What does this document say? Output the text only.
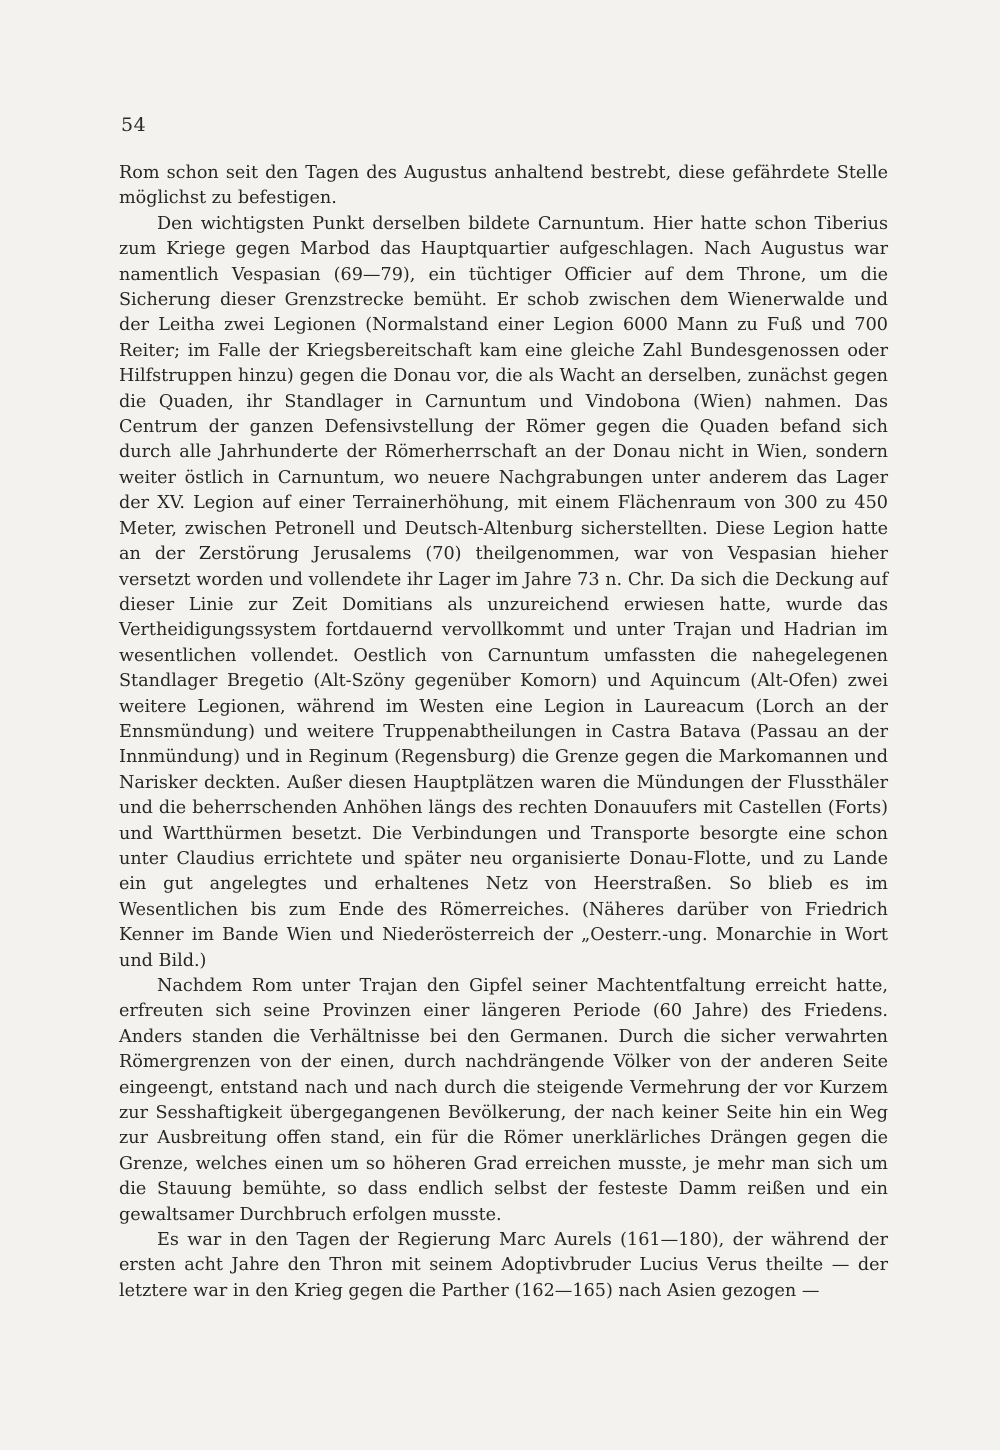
54

Rom schon seit den Tagen des Augustus anhaltend bestrebt, diese gefährdete Stelle möglichst zu befestigen.

Den wichtigsten Punkt derselben bildete Carnuntum. Hier hatte schon Tiberius zum Kriege gegen Marbod das Hauptquartier aufgeschlagen. Nach Augustus war namentlich Vespasian (69—79), ein tüchtiger Officier auf dem Throne, um die Sicherung dieser Grenzstrecke bemüht. Er schob zwischen dem Wienerwalde und der Leitha zwei Legionen (Normalstand einer Legion 6000 Mann zu Fuß und 700 Reiter; im Falle der Kriegsbereitschaft kam eine gleiche Zahl Bundesgenossen oder Hilfstruppen hinzu) gegen die Donau vor, die als Wacht an derselben, zunächst gegen die Quaden, ihr Standlager in Carnuntum und Vindobona (Wien) nahmen. Das Centrum der ganzen Defensivstellung der Römer gegen die Quaden befand sich durch alle Jahrhunderte der Römerherrschaft an der Donau nicht in Wien, sondern weiter östlich in Carnuntum, wo neuere Nachgrabungen unter anderem das Lager der XV. Legion auf einer Terrainerhöhung, mit einem Flächenraum von 300 zu 450 Meter, zwischen Petronell und Deutsch-Altenburg sicherstellten. Diese Legion hatte an der Zerstörung Jerusalems (70) theilgenommen, war von Vespasian hieher versetzt worden und vollendete ihr Lager im Jahre 73 n. Chr. Da sich die Deckung auf dieser Linie zur Zeit Domitians als unzureichend erwiesen hatte, wurde das Vertheidigungssystem fortdauernd vervollkommt und unter Trajan und Hadrian im wesentlichen vollendet. Oestlich von Carnuntum umfassten die nahegelegenen Standlager Bregetio (Alt-Szöny gegenüber Komorn) und Aquincum (Alt-Ofen) zwei weitere Legionen, während im Westen eine Legion in Laureacum (Lorch an der Ennsmündung) und weitere Truppenabtheilungen in Castra Batava (Passau an der Innmündung) und in Reginum (Regensburg) die Grenze gegen die Markomannen und Narisker deckten. Außer diesen Hauptplätzen waren die Mündungen der Flussthäler und die beherrschenden Anhöhen längs des rechten Donauufers mit Castellen (Forts) und Wartthürmen besetzt. Die Verbindungen und Transporte besorgte eine schon unter Claudius errichtete und später neu organisierte Donau-Flotte, und zu Lande ein gut angelegtes und erhaltenes Netz von Heerstraßen. So blieb es im Wesentlichen bis zum Ende des Römerreiches. (Näheres darüber von Friedrich Kenner im Bande Wien und Niederösterreich der „Oesterr.-ung. Monarchie in Wort und Bild.)

Nachdem Rom unter Trajan den Gipfel seiner Machtentfaltung erreicht hatte, erfreuten sich seine Provinzen einer längeren Periode (60 Jahre) des Friedens. Anders standen die Verhältnisse bei den Germanen. Durch die sicher verwahrten Römergrenzen von der einen, durch nachdrängende Völker von der anderen Seite eingeengt, entstand nach und nach durch die steigende Vermehrung der vor Kurzem zur Sesshaftigkeit übergegangenen Bevölkerung, der nach keiner Seite hin ein Weg zur Ausbreitung offen stand, ein für die Römer unerklärliches Drängen gegen die Grenze, welches einen um so höheren Grad erreichen musste, je mehr man sich um die Stauung bemühte, so dass endlich selbst der festeste Damm reißen und ein gewaltsamer Durchbruch erfolgen musste.

Es war in den Tagen der Regierung Marc Aurels (161—180), der während der ersten acht Jahre den Thron mit seinem Adoptivbruder Lucius Verus theilte — der letztere war in den Krieg gegen die Parther (162—165) nach Asien gezogen —
